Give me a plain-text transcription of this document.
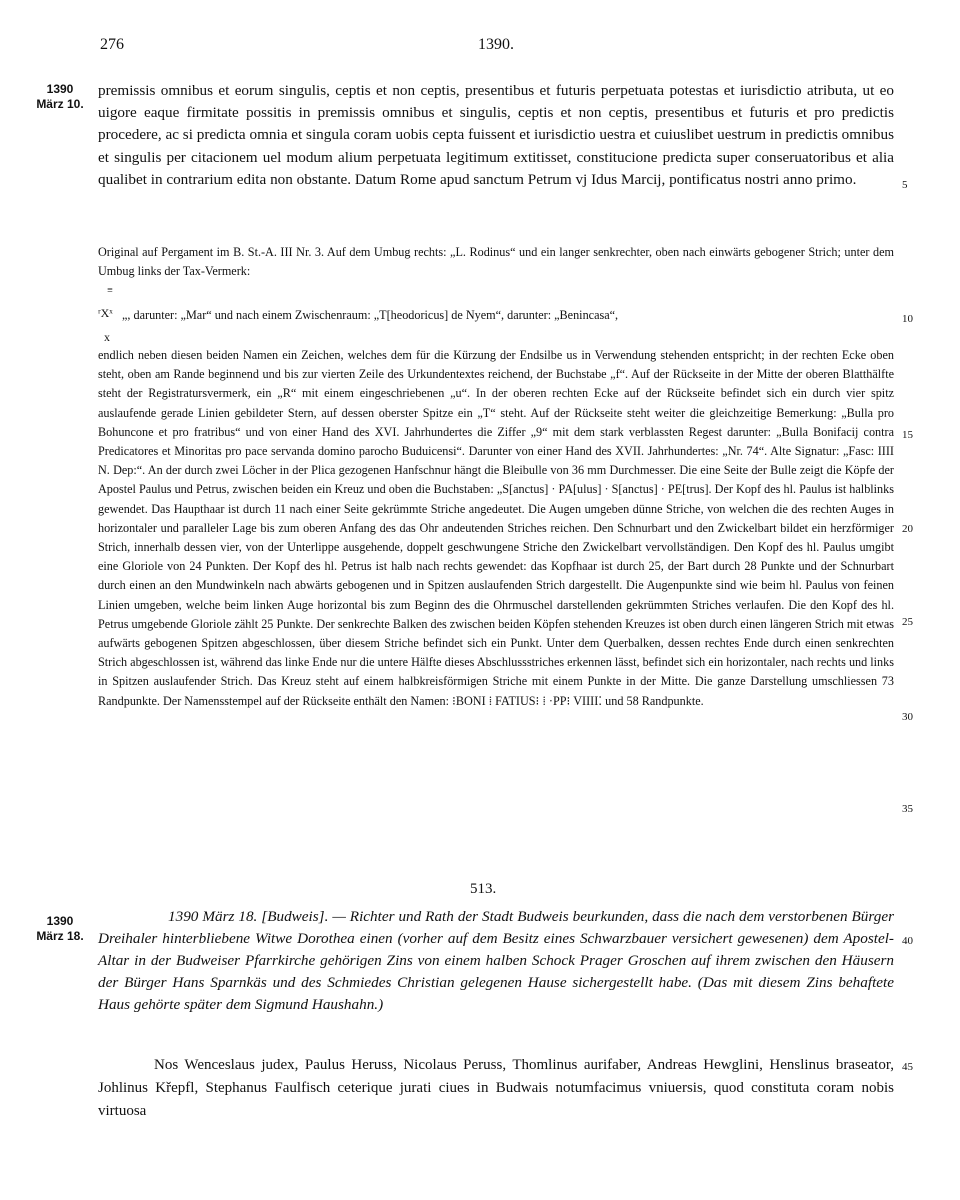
276	1390.
1390
März 10.

premissis omnibus et eorum singulis, ceptis et non ceptis, presentibus et futuris perpetuata potestas et iurisdictio atributa, ut eo uigore eaque firmitate possitis in premissis omnibus et singulis, ceptis et non ceptis, presentibus et futuris et pro predictis procedere, ac si predicta omnia et singula coram uobis cepta fuissent et iurisdictio uestra et cuiuslibet uestrum in predictis omnibus et singulis per citacionem uel modum alium perpetuata legitimum extitisset, constitucione predicta super conseruatoribus et alia qualibet in contrarium edita non obstante. Datum Rome apud sanctum Petrum vj Idus Marcij, pontificatus nostri anno primo.

Original auf Pergament im B. St.-A. III Nr. 3. Auf dem Umbug rechts: „L. Rodinus“ und ein langer senkrechter, oben nach einwärts gebogener Strich; unter dem Umbug links der Tax-Vermerk:

≡

„, darunter: „Mar“ und nach einem Zwischenraum: „T[heodoricus] de Nyem“, darunter: „Benincasa“,

ʳXˣ
x

endlich neben diesen beiden Namen ein Zeichen, welches dem für die Kürzung der Endsilbe us in Verwendung stehenden entspricht; in der rechten Ecke oben steht, oben am Rande beginnend und bis zur vierten Zeile des Urkundentextes reichend, der Buchstabe „f“. Auf der Rückseite in der Mitte der oberen Blatthälfte steht der Registratursvermerk, ein „R“ mit einem eingeschriebenen „u“. In der oberen rechten Ecke auf der Rückseite befindet sich ein durch vier spitz auslaufende gerade Linien gebildeter Stern, auf dessen oberster Spitze ein „T“ steht. Auf der Rückseite steht weiter die gleichzeitige Bemerkung: „Bulla pro Bohuncone et pro fratribus“ und von einer Hand des XVI. Jahrhundertes die Ziffer „9“ mit dem stark verblassten Regest darunter: „Bulla Bonifacij contra Predicatores et Minoritas pro pace servanda domino parocho Buduicensi“. Darunter von einer Hand des XVII. Jahrhundertes: „Nr. 74“. Alte Signatur: „Fasc: IIII N. Dep:“. An der durch zwei Löcher in der Plica gezogenen Hanfschnur hängt die Bleibulle von 36 mm Durchmesser. Die eine Seite der Bulle zeigt die Köpfe der Apostel Paulus und Petrus, zwischen beiden ein Kreuz und oben die Buchstaben: „S[anctus] · PA[ulus] · S[anctus] · PE[trus]. Der Kopf des hl. Paulus ist halblinks gewendet. Das Haupthaar ist durch 11 nach einer Seite gekrümmte Striche angedeutet. Die Augen umgeben dünne Striche, von welchen die des rechten Auges in horizontaler und paralleler Lage bis zum oberen Anfang des das Ohr andeutenden Striches reichen. Den Schnurbart und den Zwickelbart bildet ein herzförmiger Strich, innerhalb dessen vier, von der Unterlippe ausgehende, doppelt geschwungene Striche den Zwickelbart vervollständigen. Den Kopf des hl. Paulus umgibt eine Gloriole von 24 Punkten. Der Kopf des hl. Petrus ist halb nach rechts gewendet: das Kopfhaar ist durch 25, der Bart durch 28 Punkte und der Schnurbart durch einen an den Mundwinkeln nach abwärts gebogenen und in Spitzen auslaufenden Strich dargestellt. Die Augenpunkte sind wie beim hl. Paulus von feinen Linien umgeben, welche beim linken Auge horizontal bis zum Beginn des die Ohrmuschel darstellenden gekrümmten Striches verlaufen. Die den Kopf des hl. Petrus umgebende Gloriole zählt 25 Punkte. Der senkrechte Balken des zwischen beiden Köpfen stehenden Kreuzes ist oben durch einen längeren Strich mit etwas aufwärts gebogenen Spitzen abgeschlossen, über diesem Striche befindet sich ein Punkt. Unter dem Querbalken, dessen rechtes Ende durch einen senkrechten Strich abgeschlossen ist, während das linke Ende nur die untere Hälfte dieses Abschlussstriches erkennen lässt, befindet sich ein horizontaler, nach rechts und links in Spitzen auslaufender Strich. Das Kreuz steht auf einem halbkreisförmigen Striche mit einem Punkte in der Mitte. Die ganze Darstellung umschliessen 73 Randpunkte. Der Namensstempel auf der Rückseite enthält den Namen: ⁝BONI ⁞ FATIUS⁝ ⁞ ·PP⁝ VIIII⁚ und 58 Randpunkte.

5
10
15
20
25
30
35
40
45
513.
1390
März 18.

1390 März 18. [Budweis]. — Richter und Rath der Stadt Budweis beurkunden, dass die nach dem verstorbenen Bürger Dreihaler hinterbliebene Witwe Dorothea einen (vorher auf dem Besitz eines Schwarzbauer versichert gewesenen) dem Apostel-Altar in der Budweiser Pfarrkirche gehörigen Zins von einem halben Schock Prager Groschen auf ihrem zwischen den Häusern der Bürger Hans Sparnkäs und des Schmiedes Christian gelegenen Hause sichergestellt habe. (Das mit diesem Zins behaftete Haus gehörte später dem Sigmund Haushahn.)

Nos Wenceslaus judex, Paulus Heruss, Nicolaus Peruss, Thomlinus aurifaber, Andreas Hewglini, Henslinus braseator, Johlinus Křepfl, Stephanus Faulfisch ceterique jurati ciues in Budwais notumfacimus vniuersis, quod constituta coram nobis virtuosa
